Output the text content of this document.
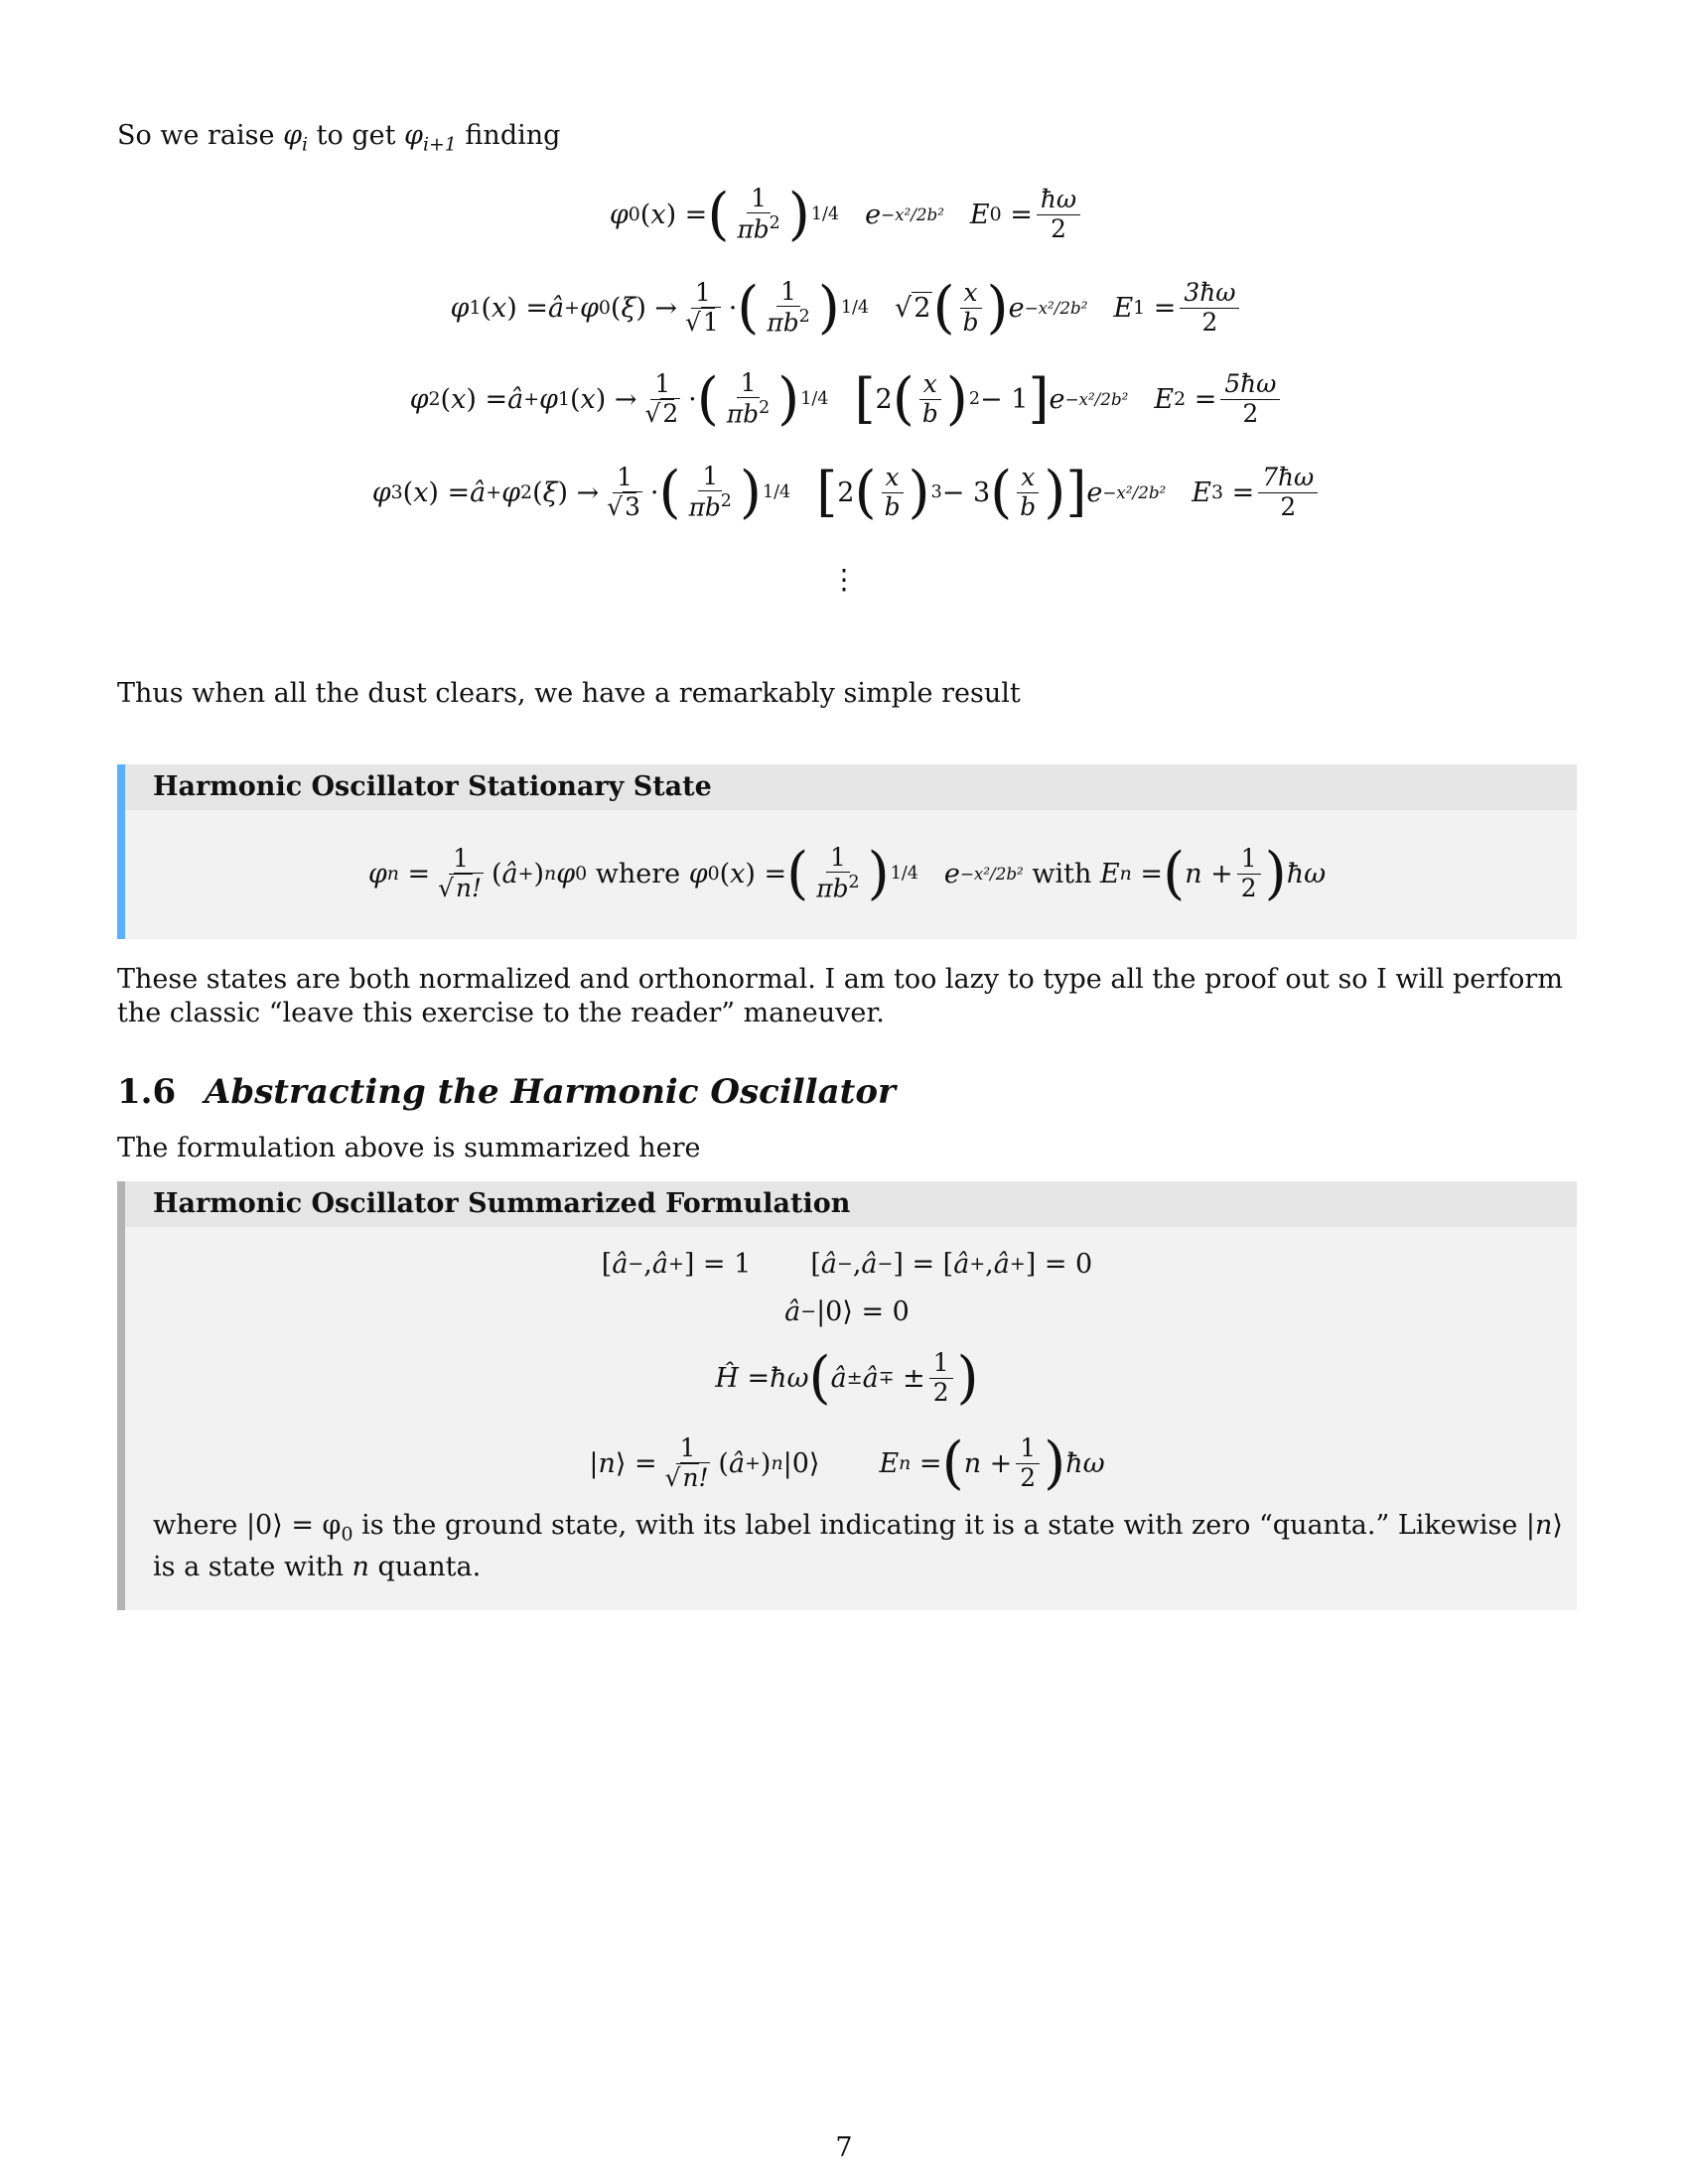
So we raise $\varphi_i$ to get $\varphi_{i+1}$ finding

φ 0 ( x ) = ( $\frac{1}{\pi b^2}$ ) 1/4 e −x²/2b² E $0 = \frac{ħ\omega}{2}$
φ 1 ( x ) = â + φ 0 ( ξ ) → $\frac{1}{√1}$ · ( $\frac{1}{\pi b^2}$ ) 1/4 √ 2 ( $\frac{x}{b}$ ) e −x²/2b² E $1 = \frac{3ħ\omega}{2}$
φ 2 ( x ) = â + φ 1 ( x ) → $\frac{1}{√2}$ · ( $\frac{1}{\pi b^2}$ ) 1/4 [ 2 ( $\frac{x}{b}$ ) 2 − 1 ] e −x²/2b² E $2 = \frac{5ħ\omega}{2}$
φ 3 ( x ) = â + φ 2 ( ξ ) → $\frac{1}{√3}$ · ( $\frac{1}{\pi b^2}$ ) 1/4 [ 2 ( $\frac{x}{b}$ ) 3 − 3 ( $\frac{x}{b}$ ) ] e −x²/2b² E $3 = \frac{7ħ\omega}{2}$
⋮

Thus when all the dust clears, we have a remarkably simple result

Harmonic Oscillator Stationary State
φ $n = \frac{1}{√n!}$ ( â + ) n φ 0
where
φ 0 ( x ) = ( $\frac{1}{\pi b^2}$ ) 1/4 e −x²/2b²
with
E n = ( $n + \frac{1}{2}$ ) ħω

These states are both normalized and orthonormal. I am too lazy to type all the proof out so I will perform the classic “leave this exercise to the reader” maneuver.

1.6 Abstracting the Harmonic Oscillator

The formulation above is summarized here

Harmonic Oscillator Summarized Formulation
[ â − , â + ] = 1
[ â − , â − ] = [ â + , â + ] = 0
â − |0⟩ = 0
Ĥ = ħω ( â ± â ∓ ± $\frac{1}{2}$ )
| n ⟩ = $\frac{1}{√n!}$ ( â + ) n |0⟩ E n = ( $n + \frac{1}{2}$ ) ħω

where |0⟩ = $\varphi_0$ is the ground state, with its label indicating it is a state with zero “quanta.” Likewise |n⟩ is a state with n quanta.

7
